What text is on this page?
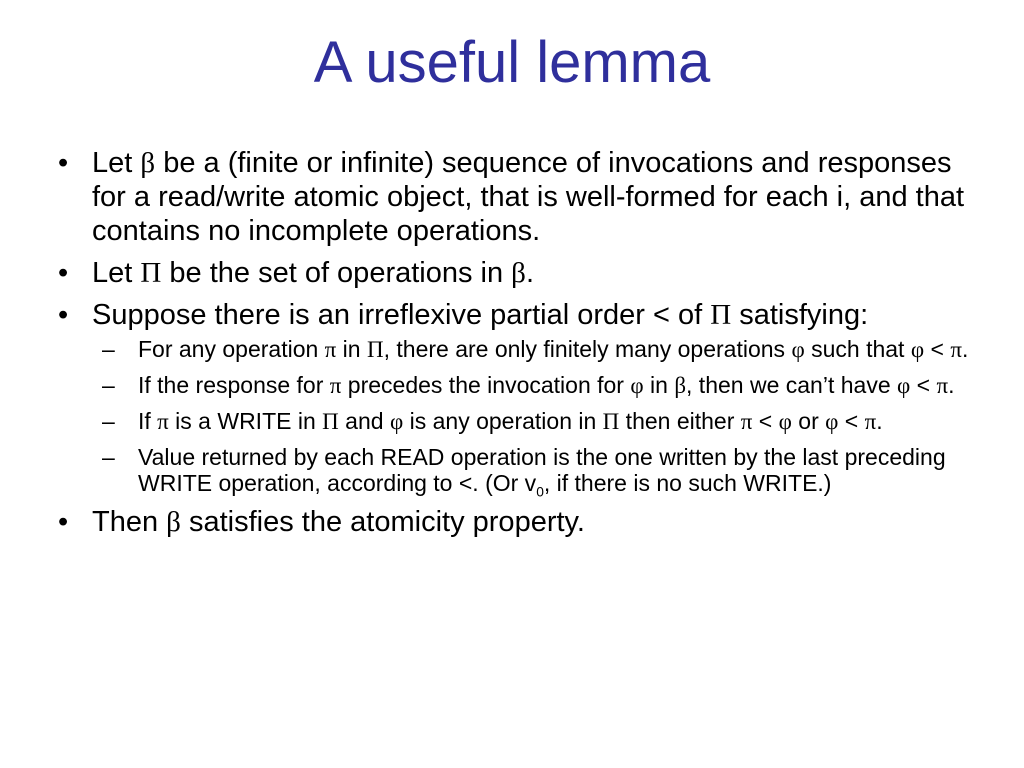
A useful lemma
• Let β be a (finite or infinite) sequence of invocations and responses for a read/write atomic object, that is well-formed for each i, and that contains no incomplete operations.
• Let Π be the set of operations in β.
• Suppose there is an irreflexive partial order < of Π satisfying:
– For any operation π in Π, there are only finitely many operations φ such that φ < π.
– If the response for π precedes the invocation for φ in β, then we can’t have φ < π.
– If π is a WRITE in Π and φ is any operation in Π then either π < φ or φ < π.
– Value returned by each READ operation is the one written by the last preceding WRITE operation, according to <. (Or $v_0$, if there is no such WRITE.)
• Then β satisfies the atomicity property.
